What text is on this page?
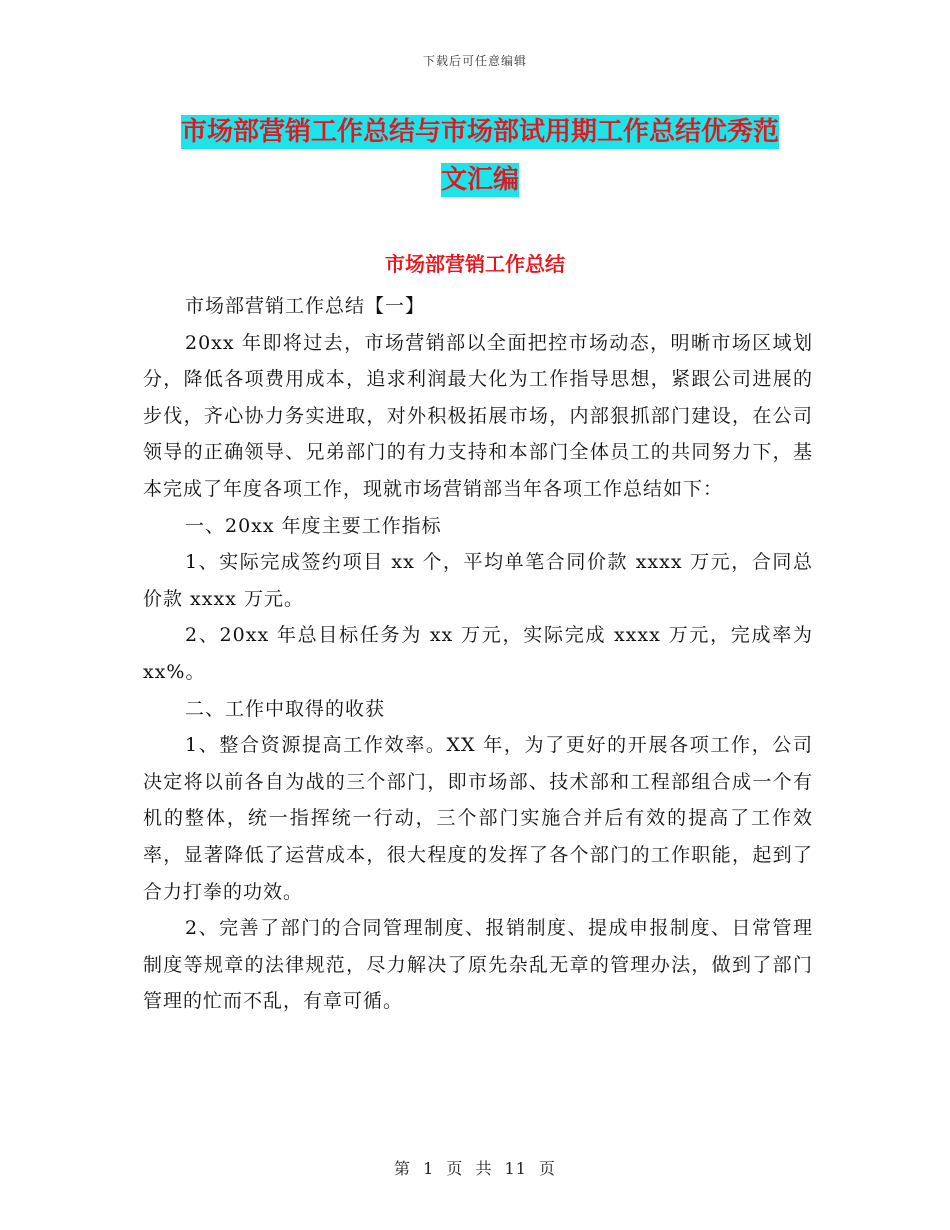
下载后可任意编辑
市场部营销工作总结与市场部试用期工作总结优秀范
文汇编
市场部营销工作总结

市场部营销工作总结【一】

20xx 年即将过去，市场营销部以全面把控市场动态，明晰市场区域划分，降低各项费用成本，追求利润最大化为工作指导思想，紧跟公司进展的步伐，齐心协力务实进取，对外积极拓展市场，内部狠抓部门建设，在公司领导的正确领导、兄弟部门的有力支持和本部门全体员工的共同努力下，基本完成了年度各项工作，现就市场营销部当年各项工作总结如下：

一、20xx 年度主要工作指标

1、实际完成签约项目 xx 个，平均单笔合同价款 xxxx 万元，合同总价款 xxxx 万元。

2、20xx 年总目标任务为 xx 万元，实际完成 xxxx 万元，完成率为 xx%。

二、工作中取得的收获

1、整合资源提高工作效率。XX 年，为了更好的开展各项工作，公司决定将以前各自为战的三个部门，即市场部、技术部和工程部组合成一个有机的整体，统一指挥统一行动，三个部门实施合并后有效的提高了工作效率，显著降低了运营成本，很大程度的发挥了各个部门的工作职能，起到了合力打拳的功效。

2、完善了部门的合同管理制度、报销制度、提成申报制度、日常管理制度等规章的法律规范，尽力解决了原先杂乱无章的管理办法，做到了部门管理的忙而不乱，有章可循。

第 1 页 共 11 页
